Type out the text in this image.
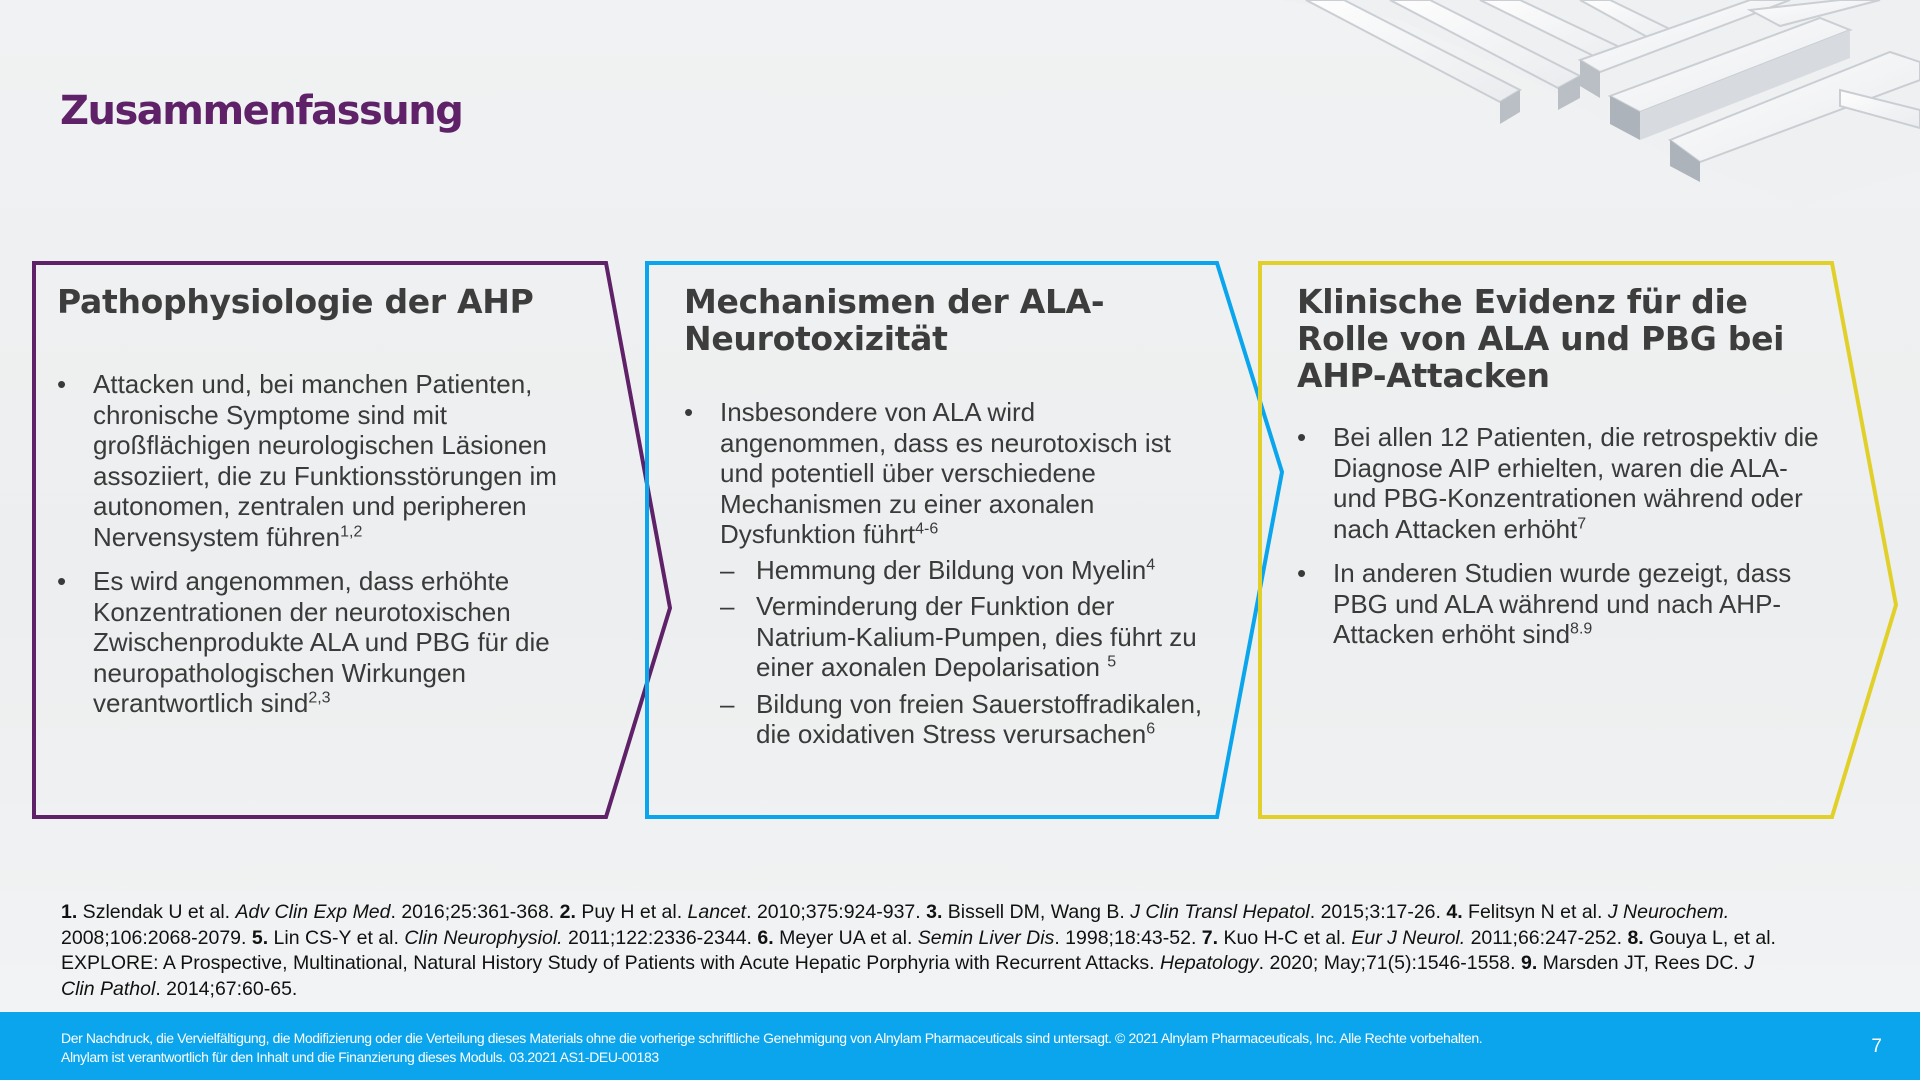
Zusammenfassung
Pathophysiologie der AHP
• Attacken und, bei manchen Patienten, chronische Symptome sind mit großflächigen neurologischen Läsionen assoziiert, die zu Funktionsstörungen im autonomen, zentralen und peripheren Nervensystem führen$^{1,2}$
• Es wird angenommen, dass erhöhte Konzentrationen der neurotoxischen Zwischenprodukte ALA und PBG für die neuropathologischen Wirkungen verantwortlich sind$^{2,3}$
Mechanismen der ALA-
Neurotoxizität
• Insbesondere von ALA wird angenommen, dass es neurotoxisch ist und potentiell über verschiedene Mechanismen zu einer axonalen Dysfunktion führt$^{4-6}$
– Hemmung der Bildung von Myelin$^4$
– Verminderung der Funktion der Natrium-Kalium-Pumpen, dies führt zu einer axonalen Depolarisation $^5$
– Bildung von freien Sauerstoffradikalen, die oxidativen Stress verursachen$^6$
Klinische Evidenz für die Rolle von ALA und PBG bei AHP-Attacken
• Bei allen 12 Patienten, die retrospektiv die Diagnose AIP erhielten, waren die ALA- und PBG-Konzentrationen während oder nach Attacken erhöht$^7$
• In anderen Studien wurde gezeigt, dass PBG und ALA während und nach AHP-Attacken erhöht sind$^{8.9}$

1. Szlendak U et al. Adv Clin Exp Med. 2016;25:361-368. 2. Puy H et al. Lancet. 2010;375:924-937. 3. Bissell DM, Wang B. J Clin Transl Hepatol. 2015;3:17-26. 4. Felitsyn N et al. J Neurochem. 2008;106:2068-2079. 5. Lin CS-Y et al. Clin Neurophysiol. 2011;122:2336-2344. 6. Meyer UA et al. Semin Liver Dis. 1998;18:43-52. 7. Kuo H-C et al. Eur J Neurol. 2011;66:247-252. 8. Gouya L, et al. EXPLORE: A Prospective, Multinational, Natural History Study of Patients with Acute Hepatic Porphyria with Recurrent Attacks. Hepatology. 2020; May;71(5):1546-1558. 9. Marsden JT, Rees DC. J Clin Pathol. 2014;67:60-65.

Der Nachdruck, die Vervielfältigung, die Modifizierung oder die Verteilung dieses Materials ohne die vorherige schriftliche Genehmigung von Alnylam Pharmaceuticals sind untersagt. © 2021 Alnylam Pharmaceuticals, Inc. Alle Rechte vorbehalten.
Alnylam ist verantwortlich für den Inhalt und die Finanzierung dieses Moduls. 03.2021 AS1-DEU-00183	7
